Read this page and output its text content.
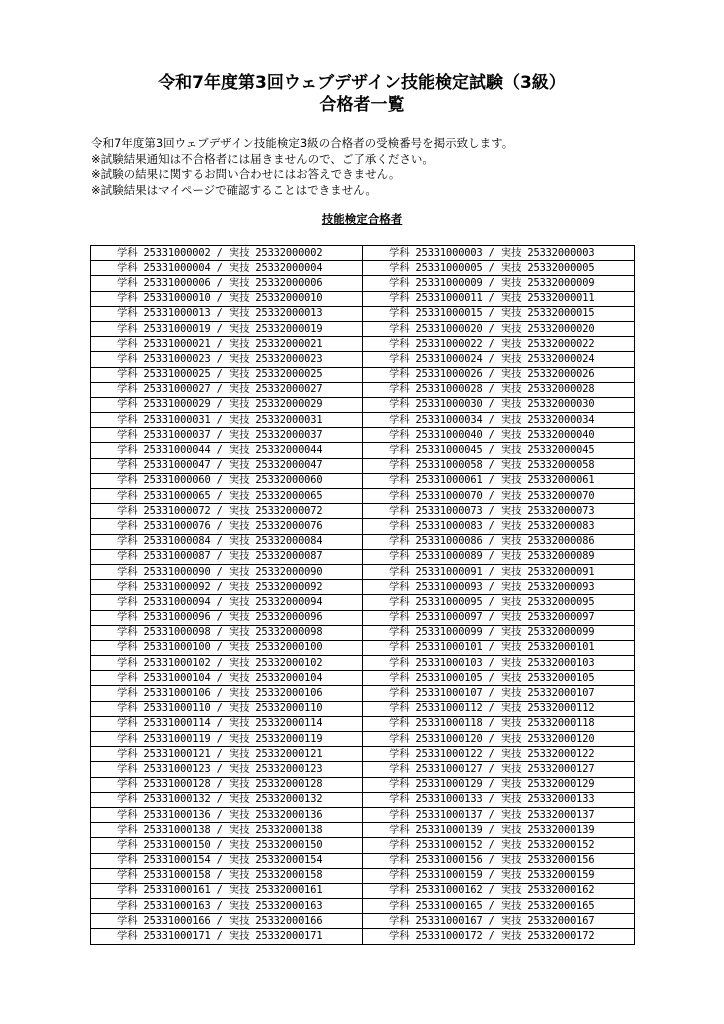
令和7年度第3回ウェブデザイン技能検定試験（3級）
合格者一覧
令和7年度第3回ウェブデザイン技能検定3級の合格者の受検番号を掲示致します。
※試験結果通知は不合格者には届きませんので、ご了承ください。
※試験の結果に関するお問い合わせにはお答えできません。
※試験結果はマイページで確認することはできません。
技能検定合格者
学科 25331000002 / 実技 25332000002	学科 25331000003 / 実技 25332000003
学科 25331000004 / 実技 25332000004	学科 25331000005 / 実技 25332000005
学科 25331000006 / 実技 25332000006	学科 25331000009 / 実技 25332000009
学科 25331000010 / 実技 25332000010	学科 25331000011 / 実技 25332000011
学科 25331000013 / 実技 25332000013	学科 25331000015 / 実技 25332000015
学科 25331000019 / 実技 25332000019	学科 25331000020 / 実技 25332000020
学科 25331000021 / 実技 25332000021	学科 25331000022 / 実技 25332000022
学科 25331000023 / 実技 25332000023	学科 25331000024 / 実技 25332000024
学科 25331000025 / 実技 25332000025	学科 25331000026 / 実技 25332000026
学科 25331000027 / 実技 25332000027	学科 25331000028 / 実技 25332000028
学科 25331000029 / 実技 25332000029	学科 25331000030 / 実技 25332000030
学科 25331000031 / 実技 25332000031	学科 25331000034 / 実技 25332000034
学科 25331000037 / 実技 25332000037	学科 25331000040 / 実技 25332000040
学科 25331000044 / 実技 25332000044	学科 25331000045 / 実技 25332000045
学科 25331000047 / 実技 25332000047	学科 25331000058 / 実技 25332000058
学科 25331000060 / 実技 25332000060	学科 25331000061 / 実技 25332000061
学科 25331000065 / 実技 25332000065	学科 25331000070 / 実技 25332000070
学科 25331000072 / 実技 25332000072	学科 25331000073 / 実技 25332000073
学科 25331000076 / 実技 25332000076	学科 25331000083 / 実技 25332000083
学科 25331000084 / 実技 25332000084	学科 25331000086 / 実技 25332000086
学科 25331000087 / 実技 25332000087	学科 25331000089 / 実技 25332000089
学科 25331000090 / 実技 25332000090	学科 25331000091 / 実技 25332000091
学科 25331000092 / 実技 25332000092	学科 25331000093 / 実技 25332000093
学科 25331000094 / 実技 25332000094	学科 25331000095 / 実技 25332000095
学科 25331000096 / 実技 25332000096	学科 25331000097 / 実技 25332000097
学科 25331000098 / 実技 25332000098	学科 25331000099 / 実技 25332000099
学科 25331000100 / 実技 25332000100	学科 25331000101 / 実技 25332000101
学科 25331000102 / 実技 25332000102	学科 25331000103 / 実技 25332000103
学科 25331000104 / 実技 25332000104	学科 25331000105 / 実技 25332000105
学科 25331000106 / 実技 25332000106	学科 25331000107 / 実技 25332000107
学科 25331000110 / 実技 25332000110	学科 25331000112 / 実技 25332000112
学科 25331000114 / 実技 25332000114	学科 25331000118 / 実技 25332000118
学科 25331000119 / 実技 25332000119	学科 25331000120 / 実技 25332000120
学科 25331000121 / 実技 25332000121	学科 25331000122 / 実技 25332000122
学科 25331000123 / 実技 25332000123	学科 25331000127 / 実技 25332000127
学科 25331000128 / 実技 25332000128	学科 25331000129 / 実技 25332000129
学科 25331000132 / 実技 25332000132	学科 25331000133 / 実技 25332000133
学科 25331000136 / 実技 25332000136	学科 25331000137 / 実技 25332000137
学科 25331000138 / 実技 25332000138	学科 25331000139 / 実技 25332000139
学科 25331000150 / 実技 25332000150	学科 25331000152 / 実技 25332000152
学科 25331000154 / 実技 25332000154	学科 25331000156 / 実技 25332000156
学科 25331000158 / 実技 25332000158	学科 25331000159 / 実技 25332000159
学科 25331000161 / 実技 25332000161	学科 25331000162 / 実技 25332000162
学科 25331000163 / 実技 25332000163	学科 25331000165 / 実技 25332000165
学科 25331000166 / 実技 25332000166	学科 25331000167 / 実技 25332000167
学科 25331000171 / 実技 25332000171	学科 25331000172 / 実技 25332000172
